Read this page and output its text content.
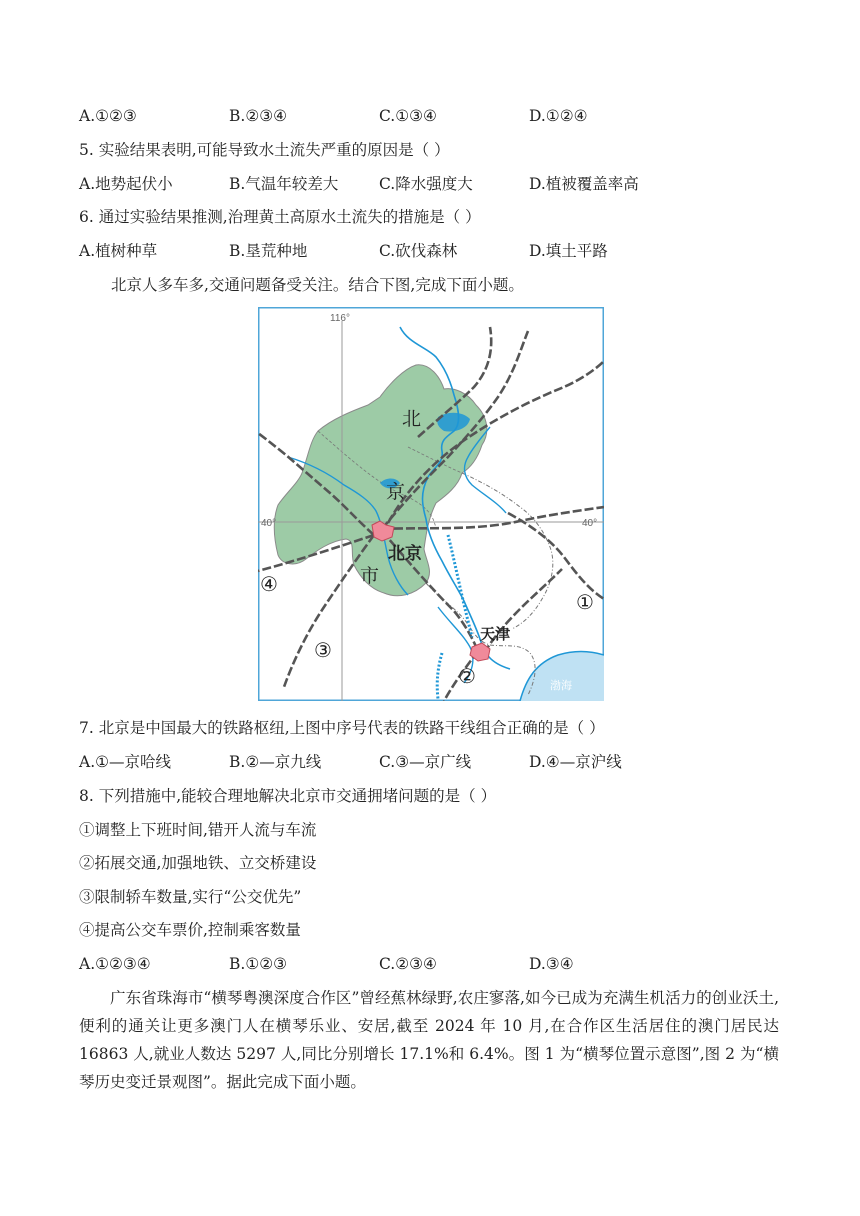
A.①②③	B.②③④	C.①③④	D.①②④
5. 实验结果表明,可能导致水土流失严重的原因是（ ）
A.地势起伏小	B.气温年较差大	C.降水强度大	D.植被覆盖率高
6. 通过实验结果推测,治理黄土高原水土流失的措施是（ ）
A.植树种草	B.垦荒种地	C.砍伐森林	D.填土平路
北京人多车多,交通问题备受关注。结合下图,完成下面小题。
116°
40°	40°
北
京
市
北京
天津
渤海
①
②
③
④
7. 北京是中国最大的铁路枢纽,上图中序号代表的铁路干线组合正确的是（ ）
A.①—京哈线	B.②—京九线	C.③—京广线	D.④—京沪线
8. 下列措施中,能较合理地解决北京市交通拥堵问题的是（ ）
①调整上下班时间,错开人流与车流
②拓展交通,加强地铁、立交桥建设
③限制轿车数量,实行“公交优先”
④提高公交车票价,控制乘客数量
A.①②③④	B.①②③	C.②③④	D.③④
广东省珠海市“横琴粤澳深度合作区”曾经蕉林绿野,农庄寥落,如今已成为充满生机活力的创业沃土,便利的通关让更多澳门人在横琴乐业、安居,截至 2024 年 10 月,在合作区生活居住的澳门居民达 16863 人,就业人数达 5297 人,同比分别增长 17.1%和 6.4%。图 1 为“横琴位置示意图”,图 2 为“横琴历史变迁景观图”。据此完成下面小题。
